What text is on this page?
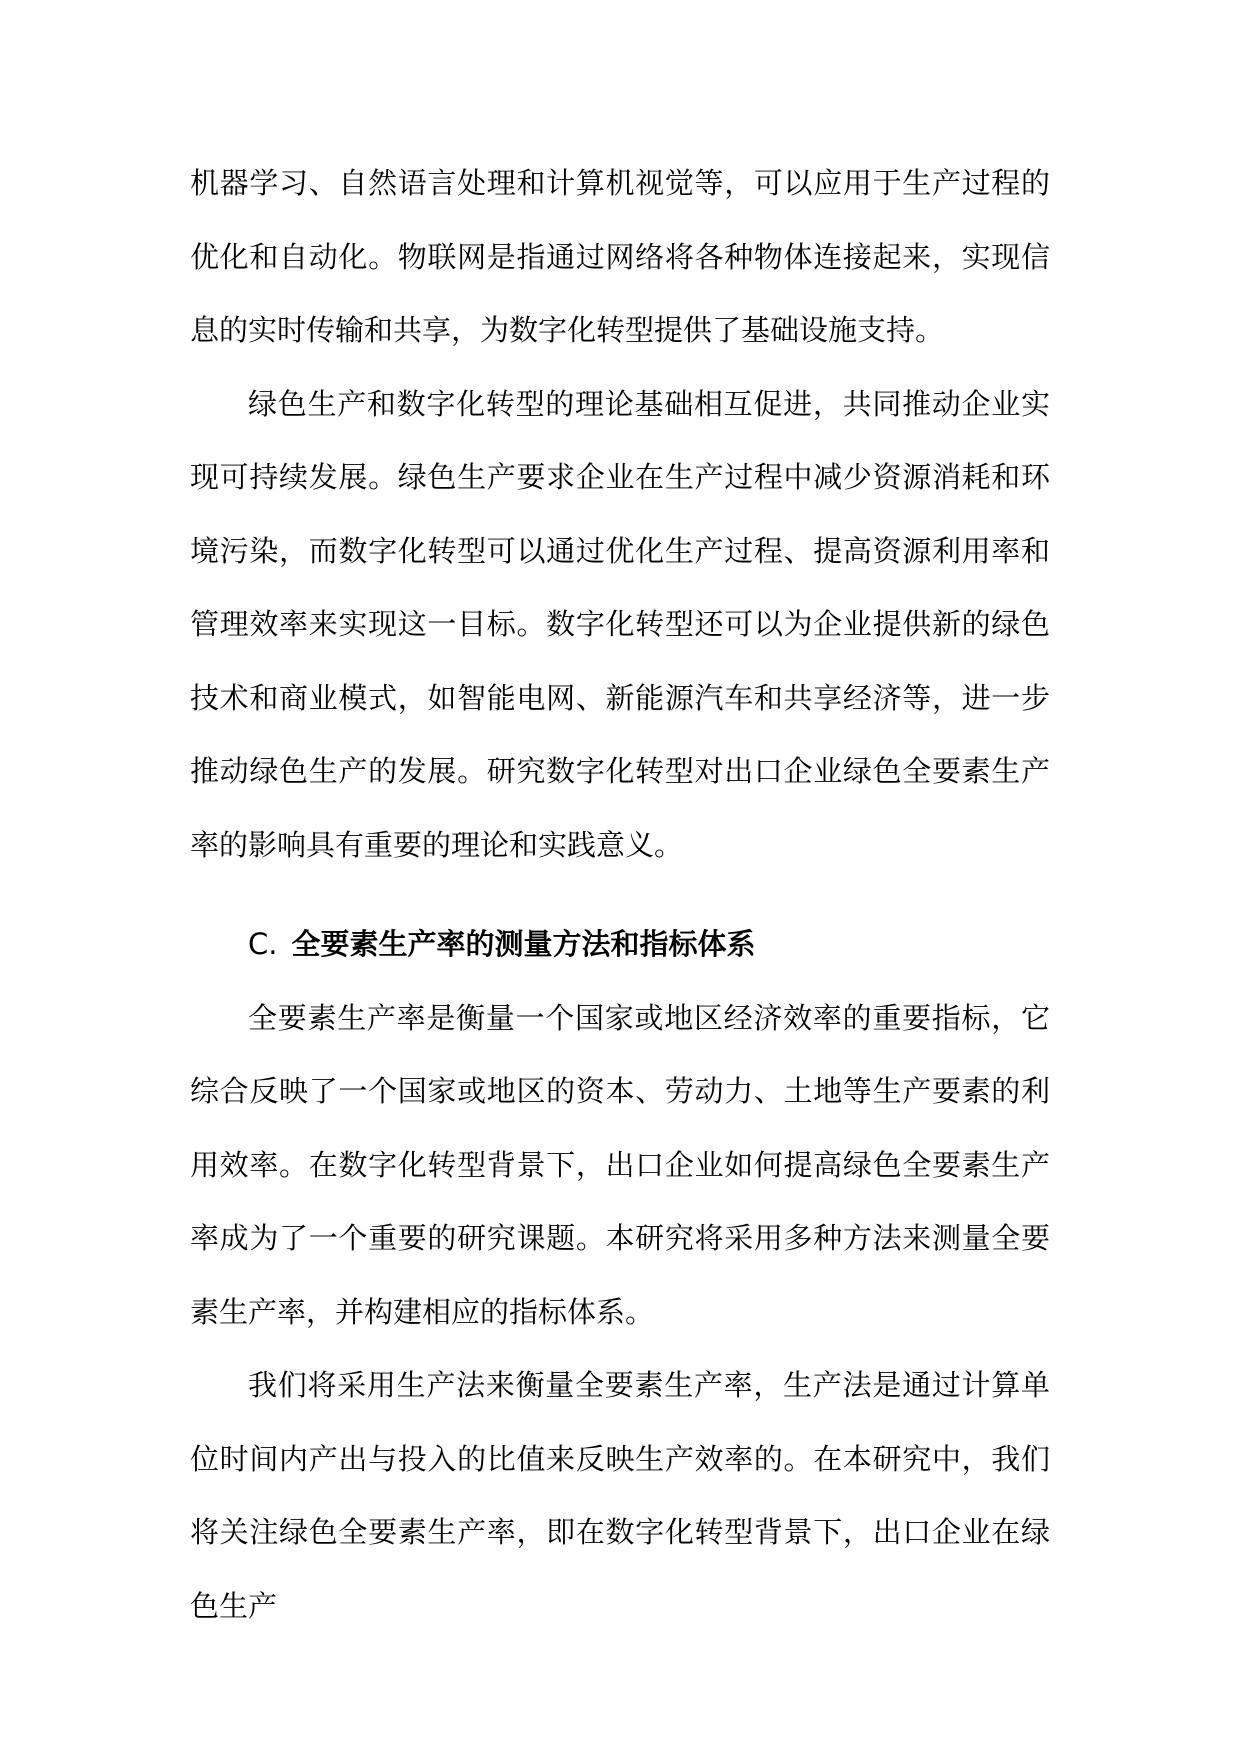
机器学习、自然语言处理和计算机视觉等，可以应用于生产过程的优化和自动化。物联网是指通过网络将各种物体连接起来，实现信息的实时传输和共享，为数字化转型提供了基础设施支持。

绿色生产和数字化转型的理论基础相互促进，共同推动企业实现可持续发展。绿色生产要求企业在生产过程中减少资源消耗和环境污染，而数字化转型可以通过优化生产过程、提高资源利用率和管理效率来实现这一目标。数字化转型还可以为企业提供新的绿色技术和商业模式，如智能电网、新能源汽车和共享经济等，进一步推动绿色生产的发展。研究数字化转型对出口企业绿色全要素生产率的影响具有重要的理论和实践意义。

C. 全要素生产率的测量方法和指标体系

全要素生产率是衡量一个国家或地区经济效率的重要指标，它综合反映了一个国家或地区的资本、劳动力、土地等生产要素的利用效率。在数字化转型背景下，出口企业如何提高绿色全要素生产率成为了一个重要的研究课题。本研究将采用多种方法来测量全要素生产率，并构建相应的指标体系。

我们将采用生产法来衡量全要素生产率，生产法是通过计算单位时间内产出与投入的比值来反映生产效率的。在本研究中，我们将关注绿色全要素生产率，即在数字化转型背景下，出口企业在绿色生产
